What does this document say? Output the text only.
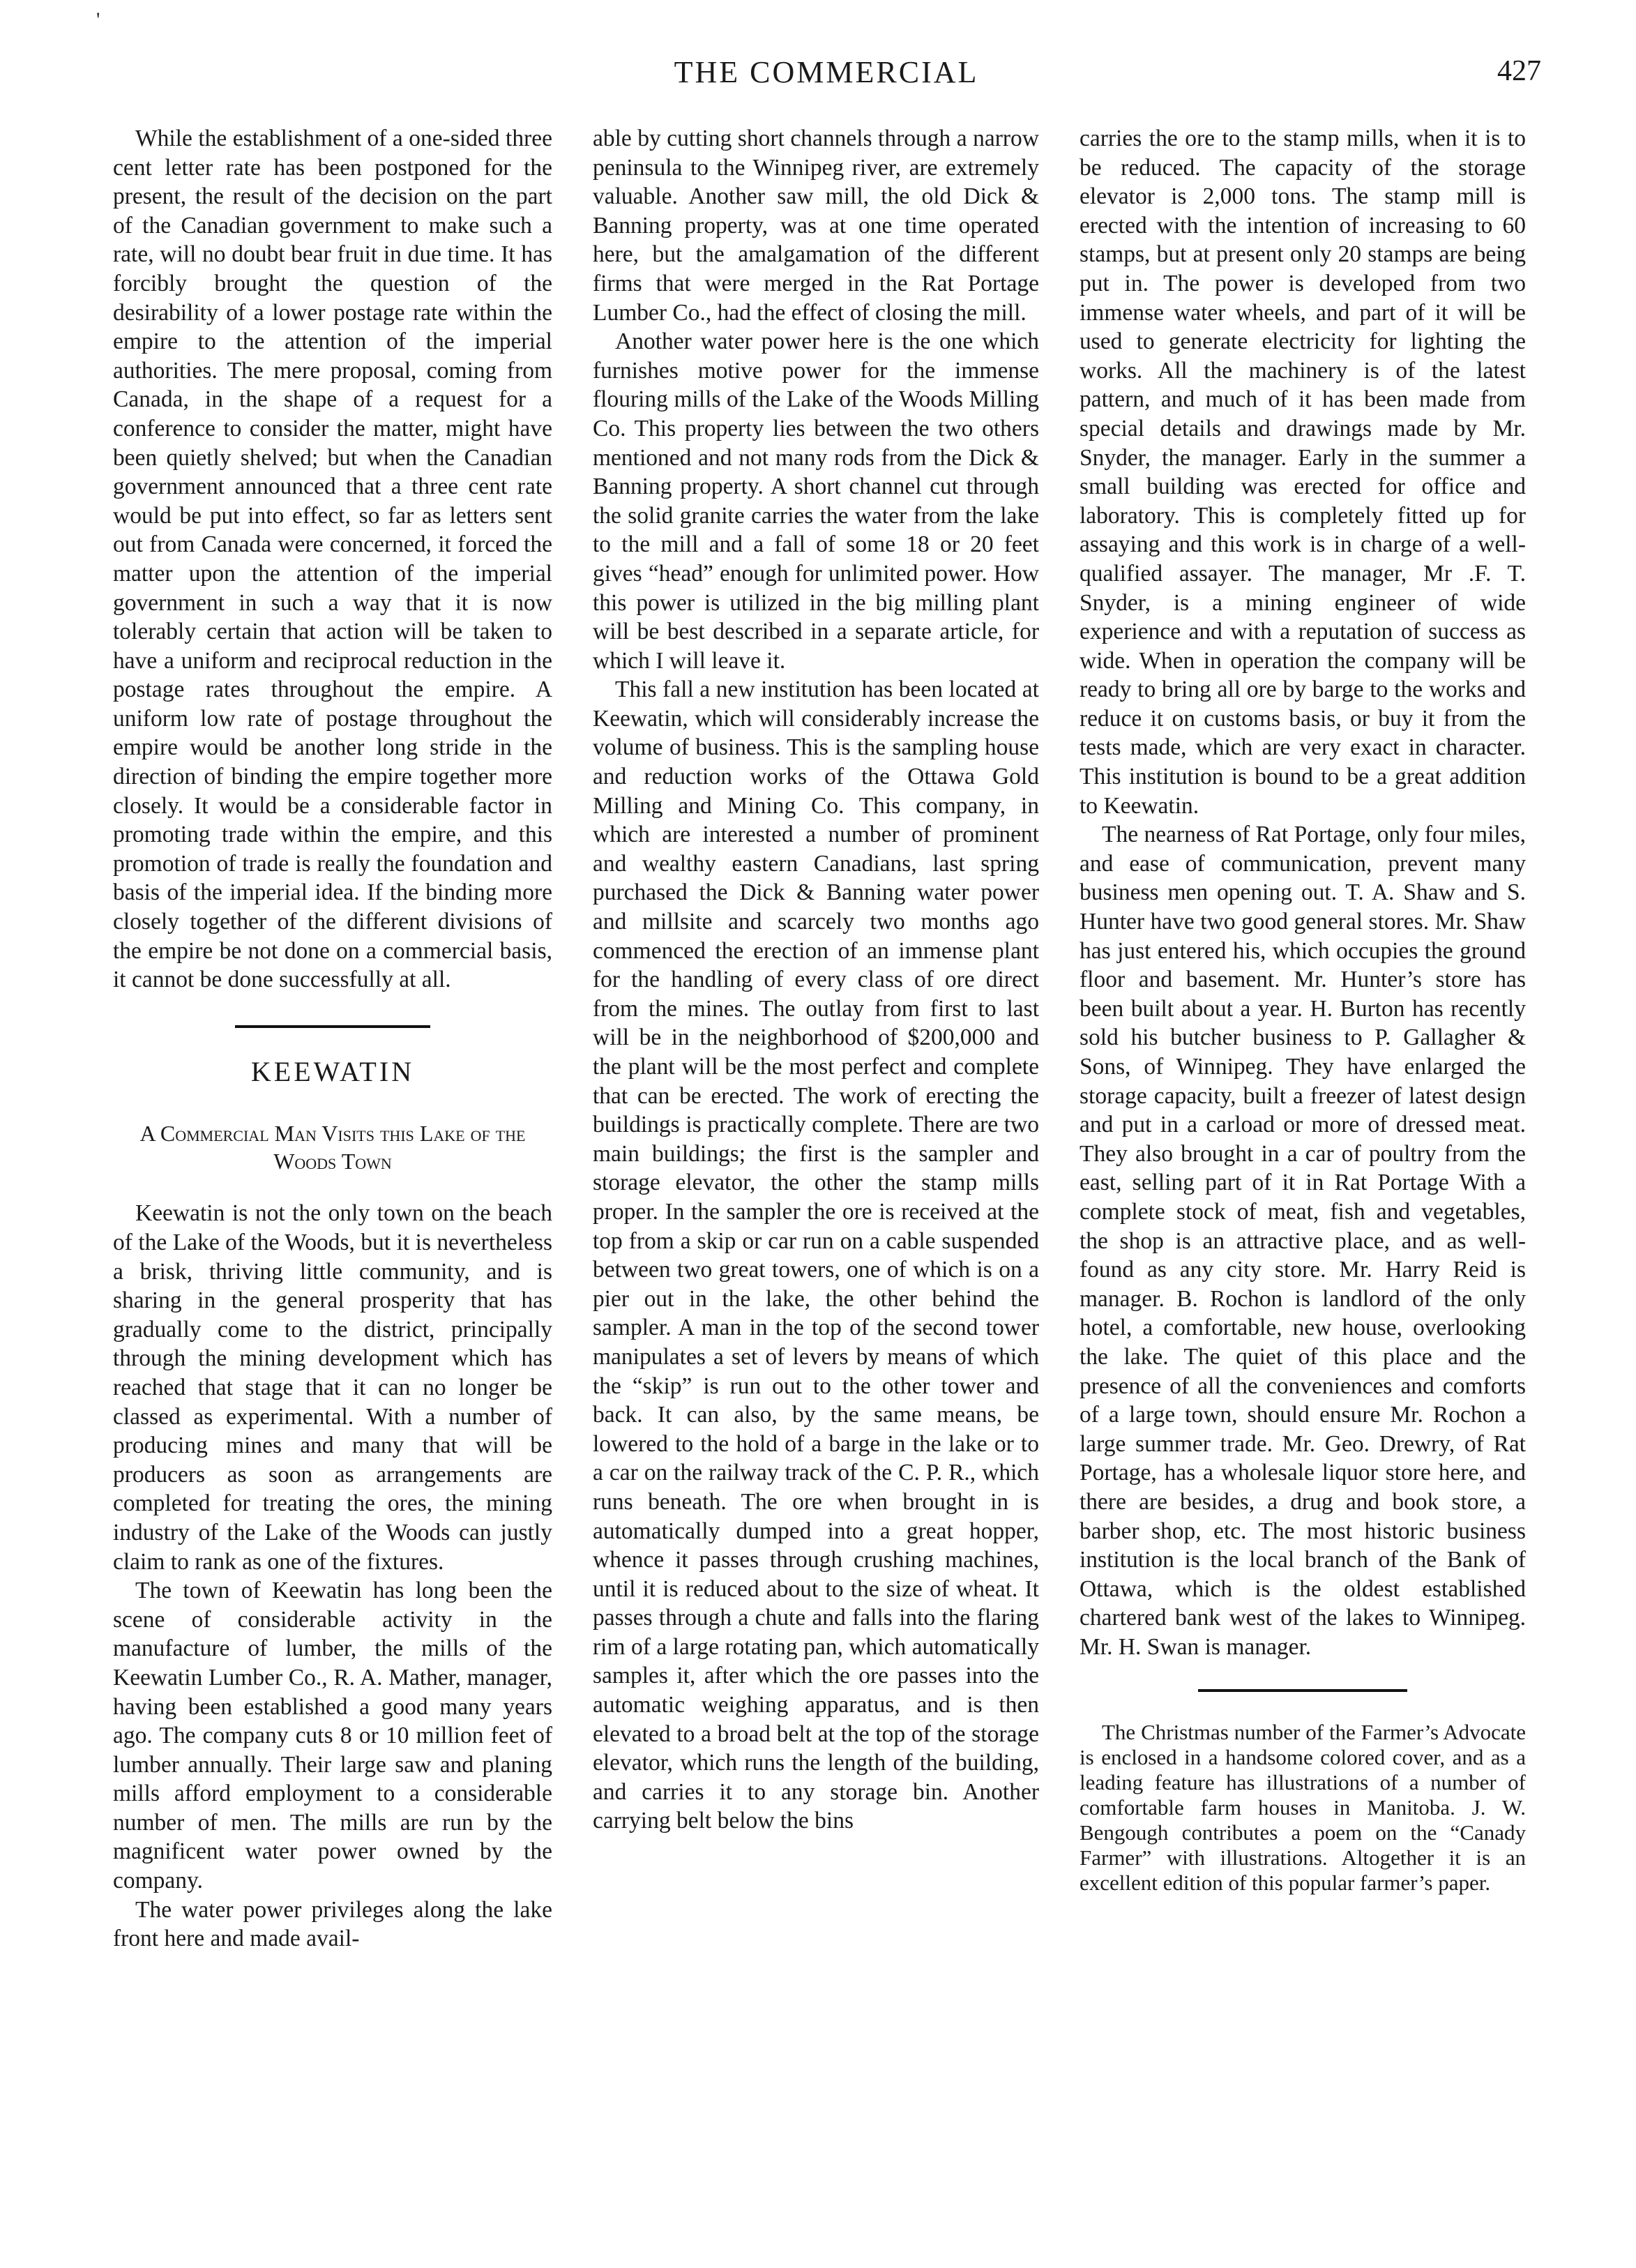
'
THE COMMERCIAL	427

While the establishment of a one-sided three cent letter rate has been postponed for the present, the result of the decision on the part of the Canadian government to make such a rate, will no doubt bear fruit in due time. It has forcibly brought the question of the desirability of a lower postage rate within the empire to the attention of the imperial authorities. The mere proposal, coming from Canada, in the shape of a request for a conference to consider the matter, might have been quietly shelved; but when the Canadian government announced that a three cent rate would be put into effect, so far as letters sent out from Canada were concerned, it forced the matter upon the attention of the imperial government in such a way that it is now tolerably certain that action will be taken to have a uniform and reciprocal reduction in the postage rates throughout the empire. A uniform low rate of postage throughout the empire would be another long stride in the direction of binding the empire together more closely. It would be a considerable factor in promoting trade within the empire, and this promotion of trade is really the foundation and basis of the imperial idea. If the binding more closely together of the different divisions of the empire be not done on a commercial basis, it cannot be done successfully at all.

KEEWATIN
A Commercial Man Visits this Lake of the Woods Town

Keewatin is not the only town on the beach of the Lake of the Woods, but it is nevertheless a brisk, thriving little community, and is sharing in the general prosperity that has gradually come to the district, principally through the mining development which has reached that stage that it can no longer be classed as experimental. With a number of producing mines and many that will be producers as soon as arrangements are completed for treating the ores, the mining industry of the Lake of the Woods can justly claim to rank as one of the fixtures.

The town of Keewatin has long been the scene of considerable activity in the manufacture of lumber, the mills of the Keewatin Lumber Co., R. A. Mather, manager, having been established a good many years ago. The company cuts 8 or 10 million feet of lumber annually. Their large saw and planing mills afford employment to a considerable number of men. The mills are run by the magnificent water power owned by the company.

The water power privileges along the lake front here and made avail-

able by cutting short channels through a narrow peninsula to the Winnipeg river, are extremely valuable. Another saw mill, the old Dick & Banning property, was at one time operated here, but the amalgamation of the different firms that were merged in the Rat Portage Lumber Co., had the effect of closing the mill.

Another water power here is the one which furnishes motive power for the immense flouring mills of the Lake of the Woods Milling Co. This property lies between the two others mentioned and not many rods from the Dick & Banning property. A short channel cut through the solid granite carries the water from the lake to the mill and a fall of some 18 or 20 feet gives “head” enough for unlimited power. How this power is utilized in the big milling plant will be best described in a separate article, for which I will leave it.

This fall a new institution has been located at Keewatin, which will considerably increase the volume of business. This is the sampling house and reduction works of the Ottawa Gold Milling and Mining Co. This company, in which are interested a number of prominent and wealthy eastern Canadians, last spring purchased the Dick & Banning water power and millsite and scarcely two months ago commenced the erection of an immense plant for the handling of every class of ore direct from the mines. The outlay from first to last will be in the neighborhood of $200,000 and the plant will be the most perfect and complete that can be erected. The work of erecting the buildings is practically complete. There are two main buildings; the first is the sampler and storage elevator, the other the stamp mills proper. In the sampler the ore is received at the top from a skip or car run on a cable suspended between two great towers, one of which is on a pier out in the lake, the other behind the sampler. A man in the top of the second tower manipulates a set of levers by means of which the “skip” is run out to the other tower and back. It can also, by the same means, be lowered to the hold of a barge in the lake or to a car on the railway track of the C. P. R., which runs beneath. The ore when brought in is automatically dumped into a great hopper, whence it passes through crushing machines, until it is reduced about to the size of wheat. It passes through a chute and falls into the flaring rim of a large rotating pan, which automatically samples it, after which the ore passes into the automatic weighing apparatus, and is then elevated to a broad belt at the top of the storage elevator, which runs the length of the building, and carries it to any storage bin. Another carrying belt below the bins

carries the ore to the stamp mills, when it is to be reduced. The capacity of the storage elevator is 2,000 tons. The stamp mill is erected with the intention of increasing to 60 stamps, but at present only 20 stamps are being put in. The power is developed from two immense water wheels, and part of it will be used to generate electricity for lighting the works. All the machinery is of the latest pattern, and much of it has been made from special details and drawings made by Mr. Snyder, the manager. Early in the summer a small building was erected for office and laboratory. This is completely fitted up for assaying and this work is in charge of a well-qualified assayer. The manager, Mr .F. T. Snyder, is a mining engineer of wide experience and with a reputation of success as wide. When in operation the company will be ready to bring all ore by barge to the works and reduce it on customs basis, or buy it from the tests made, which are very exact in character. This institution is bound to be a great addition to Keewatin.

The nearness of Rat Portage, only four miles, and ease of communication, prevent many business men opening out. T. A. Shaw and S. Hunter have two good general stores. Mr. Shaw has just entered his, which occupies the ground floor and basement. Mr. Hunter’s store has been built about a year. H. Burton has recently sold his butcher business to P. Gallagher & Sons, of Winnipeg. They have enlarged the storage capacity, built a freezer of latest design and put in a carload or more of dressed meat. They also brought in a car of poultry from the east, selling part of it in Rat Portage With a complete stock of meat, fish and vegetables, the shop is an attractive place, and as well-found as any city store. Mr. Harry Reid is manager. B. Rochon is landlord of the only hotel, a comfortable, new house, overlooking the lake. The quiet of this place and the presence of all the conveniences and comforts of a large town, should ensure Mr. Rochon a large summer trade. Mr. Geo. Drewry, of Rat Portage, has a wholesale liquor store here, and there are besides, a drug and book store, a barber shop, etc. The most historic business institution is the local branch of the Bank of Ottawa, which is the oldest established chartered bank west of the lakes to Winnipeg. Mr. H. Swan is manager.

The Christmas number of the Farmer’s Advocate is enclosed in a handsome colored cover, and as a leading feature has illustrations of a number of comfortable farm houses in Manitoba. J. W. Bengough contributes a poem on the “Canady Farmer” with illustrations. Altogether it is an excellent edition of this popular farmer’s paper.
